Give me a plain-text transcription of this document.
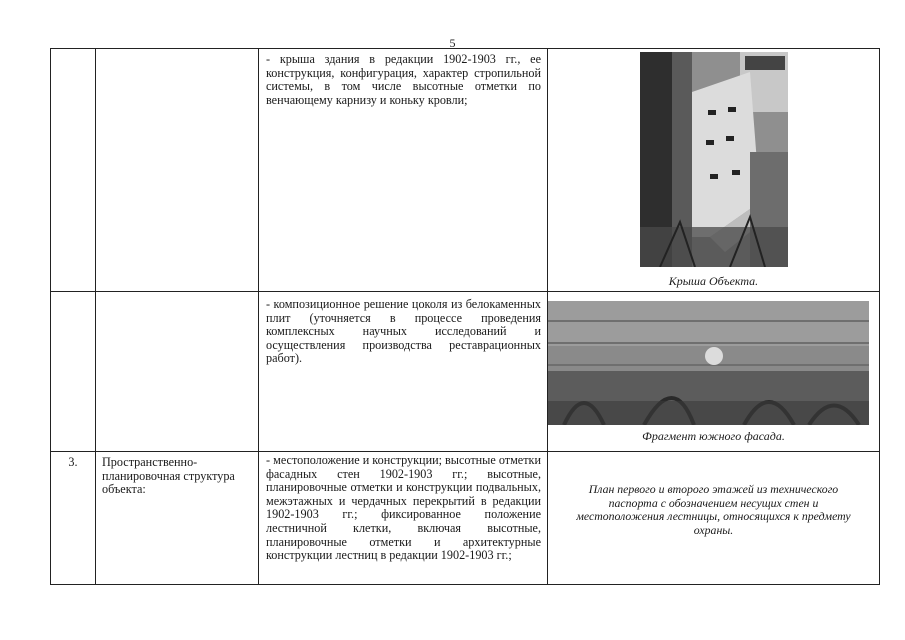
5
- крыша здания в редакции 1902-1903 гг., ее конструкция, конфигурация, характер стропильной системы, в том числе высотные отметки по венчающему карнизу и коньку кровли;
Крыша Объекта.
- композиционное решение цоколя из белокаменных плит (уточняется в процессе проведения комплексных научных исследований и осуществления производства реставрационных работ).
Фрагмент южного фасада.
3.	Пространственно-планировочная структура объекта:
- местоположение и конструкции; высотные отметки фасадных стен 1902-1903 гг.; высотные, планировочные отметки и конструкции подвальных, межэтажных и чердачных перекрытий в редакции 1902-1903 гг.; фиксированное положение лестничной клетки, включая высотные, планировочные отметки и архитектурные конструкции лестниц в редакции 1902-1903 гг.;
План первого и второго этажей из технического паспорта с обозначением несущих стен и местоположения лестницы, относящихся к предмету охраны.
